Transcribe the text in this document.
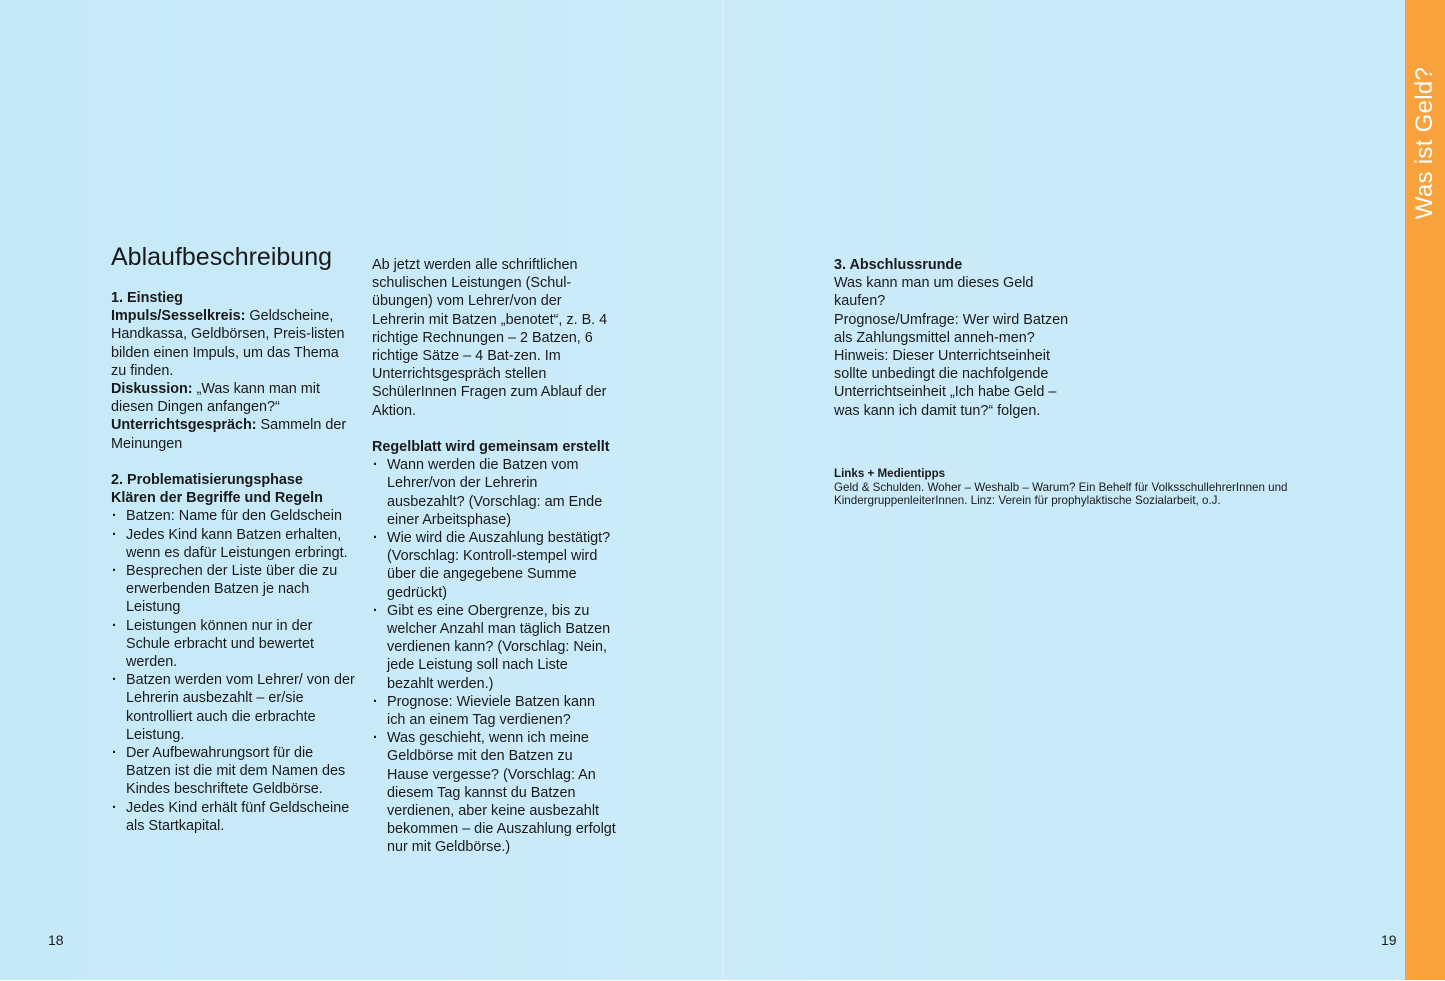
Was ist Geld?
Ablaufbeschreibung

1. Einstieg

Impuls/Sesselkreis: Geldscheine, Handkassa, Geldbörsen, Preis-listen bilden einen Impuls, um das Thema zu finden.

Diskussion: „Was kann man mit diesen Dingen anfangen?“

Unterrichtsgespräch: Sammeln der Meinungen

2. Problematisierungsphase

Klären der Begriffe und Regeln

· Batzen: Name für den Geldschein
· Jedes Kind kann Batzen erhalten, wenn es dafür Leistungen erbringt.
· Besprechen der Liste über die zu erwerbenden Batzen je nach Leistung
· Leistungen können nur in der Schule erbracht und bewertet werden.
· Batzen werden vom Lehrer/ von der Lehrerin ausbezahlt – er/sie kontrolliert auch die erbrachte Leistung.
· Der Aufbewahrungsort für die Batzen ist die mit dem Namen des Kindes beschriftete Geldbörse.
· Jedes Kind erhält fünf Geldscheine als Startkapital.

Ab jetzt werden alle schriftlichen schulischen Leistungen (Schul-übungen) vom Lehrer/von der Lehrerin mit Batzen „benotet“, z. B. 4 richtige Rechnungen – 2 Batzen, 6 richtige Sätze – 4 Bat-zen. Im Unterrichtsgespräch stellen SchülerInnen Fragen zum Ablauf der Aktion.

Regelblatt wird gemeinsam erstellt

· Wann werden die Batzen vom Lehrer/von der Lehrerin ausbezahlt? (Vorschlag: am Ende einer Arbeitsphase)
· Wie wird die Auszahlung bestätigt? (Vorschlag: Kontroll-stempel wird über die angegebene Summe gedrückt)
· Gibt es eine Obergrenze, bis zu welcher Anzahl man täglich Batzen verdienen kann? (Vorschlag: Nein, jede Leistung soll nach Liste bezahlt werden.)
· Prognose: Wieviele Batzen kann ich an einem Tag verdienen?
· Was geschieht, wenn ich meine Geldbörse mit den Batzen zu Hause vergesse? (Vorschlag: An diesem Tag kannst du Batzen verdienen, aber keine ausbezahlt bekommen – die Auszahlung erfolgt nur mit Geldbörse.)

3. Abschlussrunde

Was kann man um dieses Geld kaufen?

Prognose/Umfrage: Wer wird Batzen als Zahlungsmittel anneh-men?

Hinweis: Dieser Unterrichtseinheit sollte unbedingt die nachfolgende Unterrichtseinheit „Ich habe Geld – was kann ich damit tun?“ folgen.

Links + Medientipps

Geld & Schulden. Woher – Weshalb – Warum? Ein Behelf für VolksschullehrerInnen und KindergruppenleiterInnen. Linz: Verein für prophylaktische Sozialarbeit, o.J.

18	19
